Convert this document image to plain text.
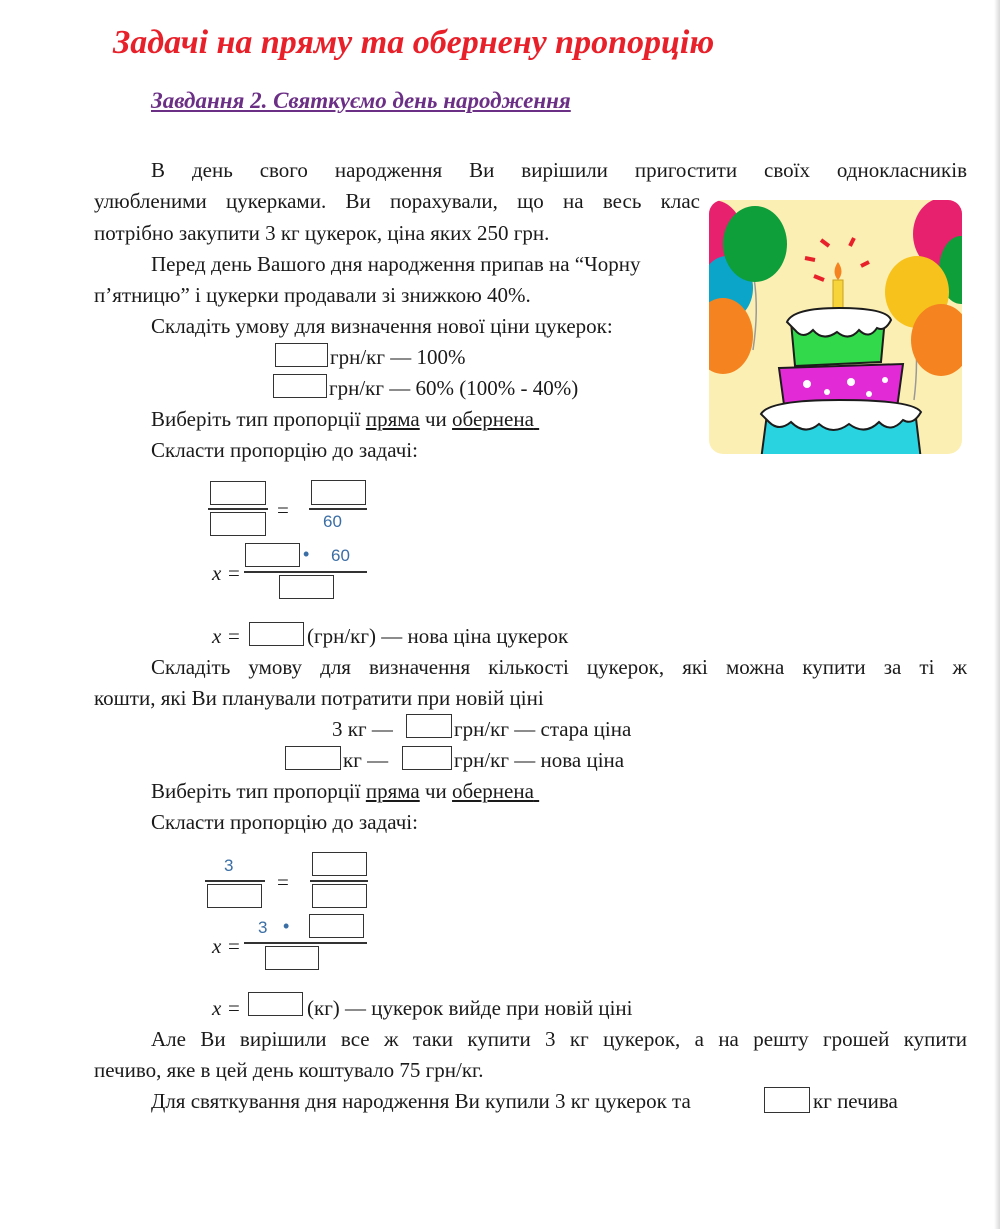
Задачі на пряму та обернену пропорцію
Завдання 2. Святкуємо день народження
В день свого народження Ви вирішили пригостити своїх однокласників
улюбленими цукерками. Ви порахували, що на весь клас
потрібно закупити 3 кг цукерок, ціна яких 250 грн.
Перед день Вашого дня народження припав на “Чорну
п’ятницю” і цукерки продавали зі знижкою 40%.
Складіть умову для визначення нової ціни цукерок:
грн/кг — 100%
грн/кг — 60% (100% - 40%)
Виберіть тип пропорції пряма чи обернена
Скласти пропорцію до задачі:
= 60
x =
• 60
x =	(грн/кг) — нова ціна цукерок
Складіть умову для визначення кількості цукерок, які можна купити за ті ж
кошти, які Ви планували потратити при новій ціні
3 кг —	грн/кг — стара ціна
кг —	грн/кг — нова ціна
Виберіть тип пропорції пряма чи обернена
Скласти пропорцію до задачі:
3
=
x =
3 •
x =	(кг) — цукерок вийде при новій ціні
Але Ви вирішили все ж таки купити 3 кг цукерок, а на решту грошей купити
печиво, яке в цей день коштувало 75 грн/кг.
Для святкування дня народження Ви купили 3 кг цукерок та	кг печива
